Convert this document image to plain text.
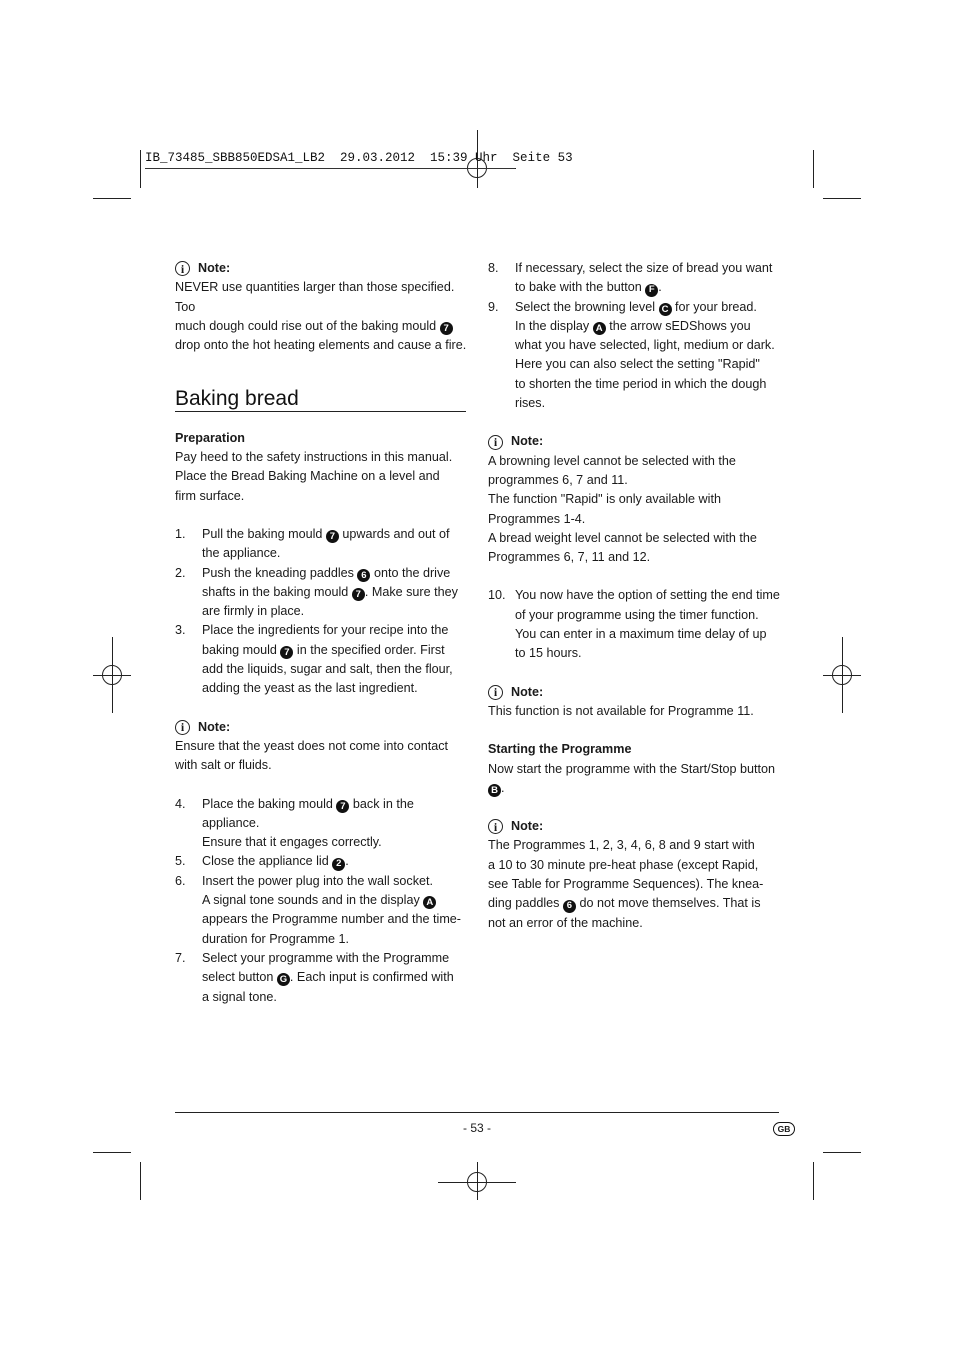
IB_73485_SBB850EDSA1_LB2  29.03.2012  15:39 Uhr  Seite 53
i	Note:

NEVER use quantities larger than those specified. Too

much dough could rise out of the baking mould 7

drop onto the hot heating elements and cause a fire.

Baking bread

Preparation

Pay heed to the safety instructions in this manual.

Place the Bread Baking Machine on a level and

firm surface.

1.	Pull the baking mould 7 upwards and out of
the appliance.
2.	Push the kneading paddles 6 onto the drive
shafts in the baking mould 7 . Make sure they
are firmly in place.
3.	Place the ingredients for your recipe into the
baking mould 7 in the specified order. First
add the liquids, sugar and salt, then the flour,
adding the yeast as the last ingredient.
i	Note:

Ensure that the yeast does not come into contact

with salt or fluids.

4.	Place the baking mould 7 back in the appliance.
Ensure that it engages correctly.
5.	Close the appliance lid 2 .
6.	Insert the power plug into the wall socket.
A signal tone sounds and in the display A
appears the Programme number and the time-
duration for Programme 1.
7.	Select your programme with the Programme
select button G . Each input is confirmed with
a signal tone.
8.	If necessary, select the size of bread you want
to bake with the button F .
9.	Select the browning level C for your bread.
In the display A the arrow sEDShows you
what you have selected, light, medium or dark.
Here you can also select the setting "Rapid"
to shorten the time period in which the dough
rises.
i	Note:

A browning level cannot be selected with the

programmes 6, 7 and 11.

The function "Rapid" is only available with

Programmes 1-4.

A bread weight level cannot be selected with the

Programmes 6, 7, 11 and 12.

10. You now have the option of setting the end time
of your programme using the timer function.
You can enter in a maximum time delay of up
to 15 hours.
i	Note:

This function is not available for Programme 11.

Starting the Programme

Now start the programme with the Start/Stop button
B .

i	Note:

The Programmes 1, 2, 3, 4, 6, 8 and 9 start with

a 10 to 30 minute pre-heat phase (except Rapid,

see Table for Programme Sequences). The knea-

ding paddles 6 do not move themselves. That is

not an error of the machine.

- 53 -	GB
